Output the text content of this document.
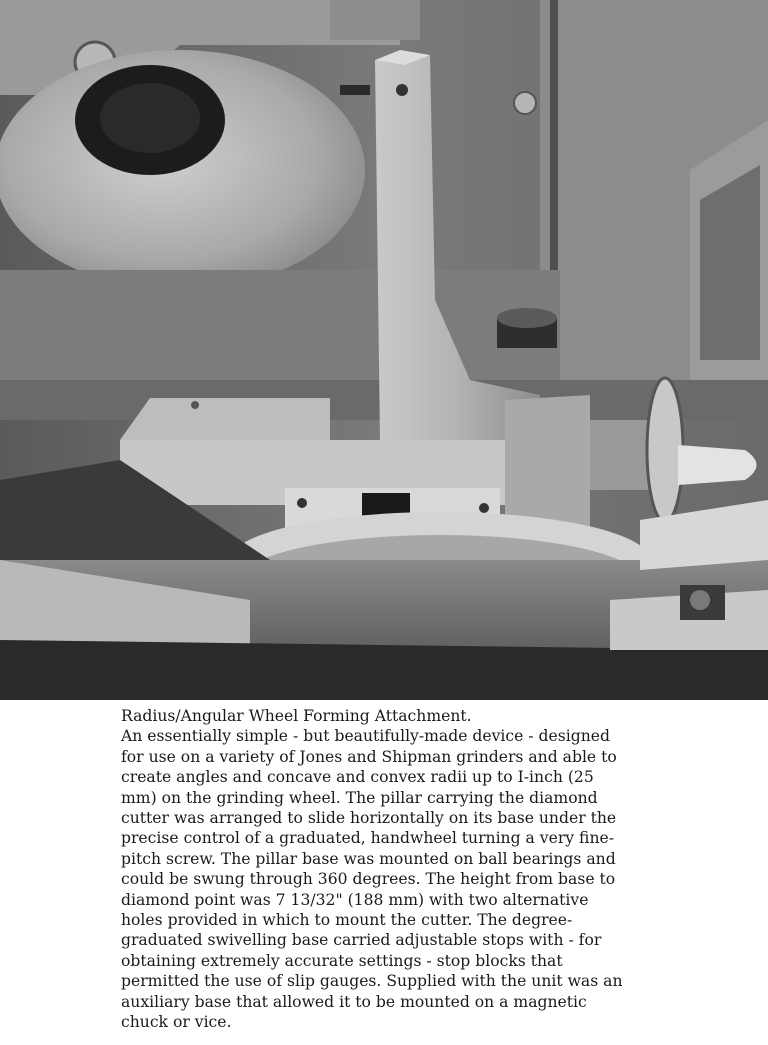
Radius/Angular Wheel Forming Attachment.

An essentially simple - but beautifully-made device - designed

for use on a variety of Jones and Shipman grinders and able to

create angles and concave and convex radii up to I-inch (25

mm) on the grinding wheel. The pillar carrying the diamond

cutter was arranged to slide horizontally on its base under the

precise control of a graduated, handwheel turning a very fine-

pitch screw. The pillar base was mounted on ball bearings and

could be swung through 360 degrees. The height from base to

diamond point was 7 13/32" (188 mm) with two alternative

holes provided in which to mount the cutter. The degree-

graduated swivelling base carried adjustable stops with - for

obtaining extremely accurate settings - stop blocks that

permitted the use of slip gauges. Supplied with the unit was an

auxiliary base that allowed it to be mounted on a magnetic

chuck or vice.
